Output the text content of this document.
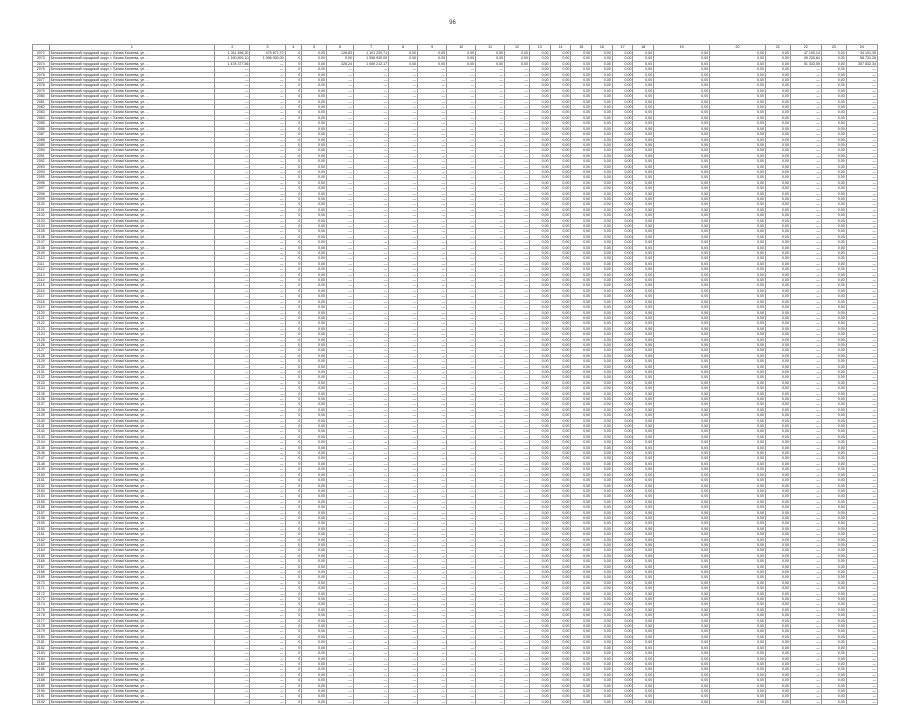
96
	1	2	3	4	5	6	7	8	9	10	11	12	13	14	15	16	17	18	19	20	21	22	23	24
2072	Белокалитвинский городской округ, г. Белая Калитва, ул. ...	1 311 456,20	475 872,70	0	0,00	126,83	1 101 220,71	0,00	0,00	0,00	0,00	0,00	0,00	0,00	0,00	0,00	0,00	0,00	0,00	0,00	0,00	47 100,13	0,00	34 101,35
2073	Белокалитвинский городской округ, г. Белая Калитва, ул. ...	1 160 892,10	1 056 930,00	0	0,00	0,00	1 056 930,00	0,00	0,00	0,00	0,00	0,00	0,00	0,00	0,00	0,00	0,00	0,00	0,00	0,00	0,00	45 230,84	0,00	58 731,26
2074	Белокалитвинский городской округ, г. Белая Калитва, ул. ...	1 478 377,56	—	0	0,00	328,24	1 069 212,17	0,00	0,00	0,00	0,00	0,00	0,00	0,00	0,00	0,00	0,00	0,00	0,00	0,00	0,00	51 333,05	0,00	357 832,34
2075	Белокалитвинский городской округ, г. Белая Калитва, ул. ...	—	—	0	0,00	—	—	—	—	—	—	—	0,00	0,00	0,00	0,00	0,00	0,00	0,00	0,00	0,00	—	0,00	—
2076	Белокалитвинский городской округ, г. Белая Калитва, ул. ...	—	—	0	0,00	—	—	—	—	—	—	—	0,00	0,00	0,00	0,00	0,00	0,00	0,00	0,00	0,00	—	0,00	—
2077	Белокалитвинский городской округ, г. Белая Калитва, ул. ...	—	—	0	0,00	—	—	—	—	—	—	—	0,00	0,00	0,00	0,00	0,00	0,00	0,00	0,00	0,00	—	0,00	—
2078	Белокалитвинский городской округ, г. Белая Калитва, ул. ...	—	—	0	0,00	—	—	—	—	—	—	—	0,00	0,00	0,00	0,00	0,00	0,00	0,00	0,00	0,00	—	0,00	—
2079	Белокалитвинский городской округ, г. Белая Калитва, ул. ...	—	—	0	0,00	—	—	—	—	—	—	—	0,00	0,00	0,00	0,00	0,00	0,00	0,00	0,00	0,00	—	0,00	—
2080	Белокалитвинский городской округ, г. Белая Калитва, ул. ...	—	—	0	0,00	—	—	—	—	—	—	—	0,00	0,00	0,00	0,00	0,00	0,00	0,00	0,00	0,00	—	0,00	—
2081	Белокалитвинский городской округ, г. Белая Калитва, ул. ...	—	—	0	0,00	—	—	—	—	—	—	—	0,00	0,00	0,00	0,00	0,00	0,00	0,00	0,00	0,00	—	0,00	—
2082	Белокалитвинский городской округ, г. Белая Калитва, ул. ...	—	—	0	0,00	—	—	—	—	—	—	—	0,00	0,00	0,00	0,00	0,00	0,00	0,00	0,00	0,00	—	0,00	—
2083	Белокалитвинский городской округ, г. Белая Калитва, ул. ...	—	—	0	0,00	—	—	—	—	—	—	—	0,00	0,00	0,00	0,00	0,00	0,00	0,00	0,00	0,00	—	0,00	—
2084	Белокалитвинский городской округ, г. Белая Калитва, ул. ...	—	—	0	0,00	—	—	—	—	—	—	—	0,00	0,00	0,00	0,00	0,00	0,00	0,00	0,00	0,00	—	0,00	—
2085	Белокалитвинский городской округ, г. Белая Калитва, ул. ...	—	—	0	0,00	—	—	—	—	—	—	—	0,00	0,00	0,00	0,00	0,00	0,00	0,00	0,00	0,00	—	0,00	—
2086	Белокалитвинский городской округ, г. Белая Калитва, ул. ...	—	—	0	0,00	—	—	—	—	—	—	—	0,00	0,00	0,00	0,00	0,00	0,00	0,00	0,00	0,00	—	0,00	—
2087	Белокалитвинский городской округ, г. Белая Калитва, ул. ...	—	—	0	0,00	—	—	—	—	—	—	—	0,00	0,00	0,00	0,00	0,00	0,00	0,00	0,00	0,00	—	0,00	—
2088	Белокалитвинский городской округ, г. Белая Калитва, ул. ...	—	—	0	0,00	—	—	—	—	—	—	—	0,00	0,00	0,00	0,00	0,00	0,00	0,00	0,00	0,00	—	0,00	—
2089	Белокалитвинский городской округ, г. Белая Калитва, ул. ...	—	—	0	0,00	—	—	—	—	—	—	—	0,00	0,00	0,00	0,00	0,00	0,00	0,00	0,00	0,00	—	0,00	—
2090	Белокалитвинский городской округ, г. Белая Калитва, ул. ...	—	—	0	0,00	—	—	—	—	—	—	—	0,00	0,00	0,00	0,00	0,00	0,00	0,00	0,00	0,00	—	0,00	—
2091	Белокалитвинский городской округ, г. Белая Калитва, ул. ...	—	—	0	0,00	—	—	—	—	—	—	—	0,00	0,00	0,00	0,00	0,00	0,00	0,00	0,00	0,00	—	0,00	—
2092	Белокалитвинский городской округ, г. Белая Калитва, ул. ...	—	—	0	0,00	—	—	—	—	—	—	—	0,00	0,00	0,00	0,00	0,00	0,00	0,00	0,00	0,00	—	0,00	—
2093	Белокалитвинский городской округ, г. Белая Калитва, ул. ...	—	—	0	0,00	—	—	—	—	—	—	—	0,00	0,00	0,00	0,00	0,00	0,00	0,00	0,00	0,00	—	0,00	—
2094	Белокалитвинский городской округ, г. Белая Калитва, ул. ...	—	—	0	0,00	—	—	—	—	—	—	—	0,00	0,00	0,00	0,00	0,00	0,00	0,00	0,00	0,00	—	0,00	—
2095	Белокалитвинский городской округ, г. Белая Калитва, ул. ...	—	—	0	0,00	—	—	—	—	—	—	—	0,00	0,00	0,00	0,00	0,00	0,00	0,00	0,00	0,00	—	0,00	—
2096	Белокалитвинский городской округ, г. Белая Калитва, ул. ...	—	—	0	0,00	—	—	—	—	—	—	—	0,00	0,00	0,00	0,00	0,00	0,00	0,00	0,00	0,00	—	0,00	—
2097	Белокалитвинский городской округ, г. Белая Калитва, ул. ...	—	—	0	0,00	—	—	—	—	—	—	—	0,00	0,00	0,00	0,00	0,00	0,00	0,00	0,00	0,00	—	0,00	—
2098	Белокалитвинский городской округ, г. Белая Калитва, ул. ...	—	—	0	0,00	—	—	—	—	—	—	—	0,00	0,00	0,00	0,00	0,00	0,00	0,00	0,00	0,00	—	0,00	—
2099	Белокалитвинский городской округ, г. Белая Калитва, ул. ...	—	—	0	0,00	—	—	—	—	—	—	—	0,00	0,00	0,00	0,00	0,00	0,00	0,00	0,00	0,00	—	0,00	—
2100	Белокалитвинский городской округ, г. Белая Калитва, ул. ...	—	—	0	0,00	—	—	—	—	—	—	—	0,00	0,00	0,00	0,00	0,00	0,00	0,00	0,00	0,00	—	0,00	—
2101	Белокалитвинский городской округ, г. Белая Калитва, ул. ...	—	—	0	0,00	—	—	—	—	—	—	—	0,00	0,00	0,00	0,00	0,00	0,00	0,00	0,00	0,00	—	0,00	—
2102	Белокалитвинский городской округ, г. Белая Калитва, ул. ...	—	—	0	0,00	—	—	—	—	—	—	—	0,00	0,00	0,00	0,00	0,00	0,00	0,00	0,00	0,00	—	0,00	—
2103	Белокалитвинский городской округ, г. Белая Калитва, ул. ...	—	—	0	0,00	—	—	—	—	—	—	—	0,00	0,00	0,00	0,00	0,00	0,00	0,00	0,00	0,00	—	0,00	—
2104	Белокалитвинский городской округ, г. Белая Калитва, ул. ...	—	—	0	0,00	—	—	—	—	—	—	—	0,00	0,00	0,00	0,00	0,00	0,00	0,00	0,00	0,00	—	0,00	—
2105	Белокалитвинский городской округ, г. Белая Калитва, ул. ...	—	—	0	0,00	—	—	—	—	—	—	—	0,00	0,00	0,00	0,00	0,00	0,00	0,00	0,00	0,00	—	0,00	—
2106	Белокалитвинский городской округ, г. Белая Калитва, ул. ...	—	—	0	0,00	—	—	—	—	—	—	—	0,00	0,00	0,00	0,00	0,00	0,00	0,00	0,00	0,00	—	0,00	—
2107	Белокалитвинский городской округ, г. Белая Калитва, ул. ...	—	—	0	0,00	—	—	—	—	—	—	—	0,00	0,00	0,00	0,00	0,00	0,00	0,00	0,00	0,00	—	0,00	—
2108	Белокалитвинский городской округ, г. Белая Калитва, ул. ...	—	—	0	0,00	—	—	—	—	—	—	—	0,00	0,00	0,00	0,00	0,00	0,00	0,00	0,00	0,00	—	0,00	—
2109	Белокалитвинский городской округ, г. Белая Калитва, ул. ...	—	—	0	0,00	—	—	—	—	—	—	—	0,00	0,00	0,00	0,00	0,00	0,00	0,00	0,00	0,00	—	0,00	—
2110	Белокалитвинский городской округ, г. Белая Калитва, ул. ...	—	—	0	0,00	—	—	—	—	—	—	—	0,00	0,00	0,00	0,00	0,00	0,00	0,00	0,00	0,00	—	0,00	—
2111	Белокалитвинский городской округ, г. Белая Калитва, ул. ...	—	—	0	0,00	—	—	—	—	—	—	—	0,00	0,00	0,00	0,00	0,00	0,00	0,00	0,00	0,00	—	0,00	—
2112	Белокалитвинский городской округ, г. Белая Калитва, ул. ...	—	—	0	0,00	—	—	—	—	—	—	—	0,00	0,00	0,00	0,00	0,00	0,00	0,00	0,00	0,00	—	0,00	—
2113	Белокалитвинский городской округ, г. Белая Калитва, ул. ...	—	—	0	0,00	—	—	—	—	—	—	—	0,00	0,00	0,00	0,00	0,00	0,00	0,00	0,00	0,00	—	0,00	—
2114	Белокалитвинский городской округ, г. Белая Калитва, ул. ...	—	—	0	0,00	—	—	—	—	—	—	—	0,00	0,00	0,00	0,00	0,00	0,00	0,00	0,00	0,00	—	0,00	—
2115	Белокалитвинский городской округ, г. Белая Калитва, ул. ...	—	—	0	0,00	—	—	—	—	—	—	—	0,00	0,00	0,00	0,00	0,00	0,00	0,00	0,00	0,00	—	0,00	—
2116	Белокалитвинский городской округ, г. Белая Калитва, ул. ...	—	—	0	0,00	—	—	—	—	—	—	—	0,00	0,00	0,00	0,00	0,00	0,00	0,00	0,00	0,00	—	0,00	—
2117	Белокалитвинский городской округ, г. Белая Калитва, ул. ...	—	—	0	0,00	—	—	—	—	—	—	—	0,00	0,00	0,00	0,00	0,00	0,00	0,00	0,00	0,00	—	0,00	—
2118	Белокалитвинский городской округ, г. Белая Калитва, ул. ...	—	—	0	0,00	—	—	—	—	—	—	—	0,00	0,00	0,00	0,00	0,00	0,00	0,00	0,00	0,00	—	0,00	—
2119	Белокалитвинский городской округ, г. Белая Калитва, ул. ...	—	—	0	0,00	—	—	—	—	—	—	—	0,00	0,00	0,00	0,00	0,00	0,00	0,00	0,00	0,00	—	0,00	—
2120	Белокалитвинский городской округ, г. Белая Калитва, ул. ...	—	—	0	0,00	—	—	—	—	—	—	—	0,00	0,00	0,00	0,00	0,00	0,00	0,00	0,00	0,00	—	0,00	—
2121	Белокалитвинский городской округ, г. Белая Калитва, ул. ...	—	—	0	0,00	—	—	—	—	—	—	—	0,00	0,00	0,00	0,00	0,00	0,00	0,00	0,00	0,00	—	0,00	—
2122	Белокалитвинский городской округ, г. Белая Калитва, ул. ...	—	—	0	0,00	—	—	—	—	—	—	—	0,00	0,00	0,00	0,00	0,00	0,00	0,00	0,00	0,00	—	0,00	—
2123	Белокалитвинский городской округ, г. Белая Калитва, ул. ...	—	—	0	0,00	—	—	—	—	—	—	—	0,00	0,00	0,00	0,00	0,00	0,00	0,00	0,00	0,00	—	0,00	—
2124	Белокалитвинский городской округ, г. Белая Калитва, ул. ...	—	—	0	0,00	—	—	—	—	—	—	—	0,00	0,00	0,00	0,00	0,00	0,00	0,00	0,00	0,00	—	0,00	—
2125	Белокалитвинский городской округ, г. Белая Калитва, ул. ...	—	—	0	0,00	—	—	—	—	—	—	—	0,00	0,00	0,00	0,00	0,00	0,00	0,00	0,00	0,00	—	0,00	—
2126	Белокалитвинский городской округ, г. Белая Калитва, ул. ...	—	—	0	0,00	—	—	—	—	—	—	—	0,00	0,00	0,00	0,00	0,00	0,00	0,00	0,00	0,00	—	0,00	—
2127	Белокалитвинский городской округ, г. Белая Калитва, ул. ...	—	—	0	0,00	—	—	—	—	—	—	—	0,00	0,00	0,00	0,00	0,00	0,00	0,00	0,00	0,00	—	0,00	—
2128	Белокалитвинский городской округ, г. Белая Калитва, ул. ...	—	—	0	0,00	—	—	—	—	—	—	—	0,00	0,00	0,00	0,00	0,00	0,00	0,00	0,00	0,00	—	0,00	—
2129	Белокалитвинский городской округ, г. Белая Калитва, ул. ...	—	—	0	0,00	—	—	—	—	—	—	—	0,00	0,00	0,00	0,00	0,00	0,00	0,00	0,00	0,00	—	0,00	—
2130	Белокалитвинский городской округ, г. Белая Калитва, ул. ...	—	—	0	0,00	—	—	—	—	—	—	—	0,00	0,00	0,00	0,00	0,00	0,00	0,00	0,00	0,00	—	0,00	—
2131	Белокалитвинский городской округ, г. Белая Калитва, ул. ...	—	—	0	0,00	—	—	—	—	—	—	—	0,00	0,00	0,00	0,00	0,00	0,00	0,00	0,00	0,00	—	0,00	—
2132	Белокалитвинский городской округ, г. Белая Калитва, ул. ...	—	—	0	0,00	—	—	—	—	—	—	—	0,00	0,00	0,00	0,00	0,00	0,00	0,00	0,00	0,00	—	0,00	—
2133	Белокалитвинский городской округ, г. Белая Калитва, ул. ...	—	—	0	0,00	—	—	—	—	—	—	—	0,00	0,00	0,00	0,00	0,00	0,00	0,00	0,00	0,00	—	0,00	—
2134	Белокалитвинский городской округ, г. Белая Калитва, ул. ...	—	—	0	0,00	—	—	—	—	—	—	—	0,00	0,00	0,00	0,00	0,00	0,00	0,00	0,00	0,00	—	0,00	—
2135	Белокалитвинский городской округ, г. Белая Калитва, ул. ...	—	—	0	0,00	—	—	—	—	—	—	—	0,00	0,00	0,00	0,00	0,00	0,00	0,00	0,00	0,00	—	0,00	—
2136	Белокалитвинский городской округ, г. Белая Калитва, ул. ...	—	—	0	0,00	—	—	—	—	—	—	—	0,00	0,00	0,00	0,00	0,00	0,00	0,00	0,00	0,00	—	0,00	—
2137	Белокалитвинский городской округ, г. Белая Калитва, ул. ...	—	—	0	0,00	—	—	—	—	—	—	—	0,00	0,00	0,00	0,00	0,00	0,00	0,00	0,00	0,00	—	0,00	—
2138	Белокалитвинский городской округ, г. Белая Калитва, ул. ...	—	—	0	0,00	—	—	—	—	—	—	—	0,00	0,00	0,00	0,00	0,00	0,00	0,00	0,00	0,00	—	0,00	—
2139	Белокалитвинский городской округ, г. Белая Калитва, ул. ...	—	—	0	0,00	—	—	—	—	—	—	—	0,00	0,00	0,00	0,00	0,00	0,00	0,00	0,00	0,00	—	0,00	—
2140	Белокалитвинский городской округ, г. Белая Калитва, ул. ...	—	—	0	0,00	—	—	—	—	—	—	—	0,00	0,00	0,00	0,00	0,00	0,00	0,00	0,00	0,00	—	0,00	—
2141	Белокалитвинский городской округ, г. Белая Калитва, ул. ...	—	—	0	0,00	—	—	—	—	—	—	—	0,00	0,00	0,00	0,00	0,00	0,00	0,00	0,00	0,00	—	0,00	—
2142	Белокалитвинский городской округ, г. Белая Калитва, ул. ...	—	—	0	0,00	—	—	—	—	—	—	—	0,00	0,00	0,00	0,00	0,00	0,00	0,00	0,00	0,00	—	0,00	—
2143	Белокалитвинский городской округ, г. Белая Калитва, ул. ...	—	—	0	0,00	—	—	—	—	—	—	—	0,00	0,00	0,00	0,00	0,00	0,00	0,00	0,00	0,00	—	0,00	—
2144	Белокалитвинский городской округ, г. Белая Калитва, ул. ...	—	—	0	0,00	—	—	—	—	—	—	—	0,00	0,00	0,00	0,00	0,00	0,00	0,00	0,00	0,00	—	0,00	—
2145	Белокалитвинский городской округ, г. Белая Калитва, ул. ...	—	—	0	0,00	—	—	—	—	—	—	—	0,00	0,00	0,00	0,00	0,00	0,00	0,00	0,00	0,00	—	0,00	—
2146	Белокалитвинский городской округ, г. Белая Калитва, ул. ...	—	—	0	0,00	—	—	—	—	—	—	—	0,00	0,00	0,00	0,00	0,00	0,00	0,00	0,00	0,00	—	0,00	—
2147	Белокалитвинский городской округ, г. Белая Калитва, ул. ...	—	—	0	0,00	—	—	—	—	—	—	—	0,00	0,00	0,00	0,00	0,00	0,00	0,00	0,00	0,00	—	0,00	—
2148	Белокалитвинский городской округ, г. Белая Калитва, ул. ...	—	—	0	0,00	—	—	—	—	—	—	—	0,00	0,00	0,00	0,00	0,00	0,00	0,00	0,00	0,00	—	0,00	—
2149	Белокалитвинский городской округ, г. Белая Калитва, ул. ...	—	—	0	0,00	—	—	—	—	—	—	—	0,00	0,00	0,00	0,00	0,00	0,00	0,00	0,00	0,00	—	0,00	—
2150	Белокалитвинский городской округ, г. Белая Калитва, ул. ...	—	—	0	0,00	—	—	—	—	—	—	—	0,00	0,00	0,00	0,00	0,00	0,00	0,00	0,00	0,00	—	0,00	—
2151	Белокалитвинский городской округ, г. Белая Калитва, ул. ...	—	—	0	0,00	—	—	—	—	—	—	—	0,00	0,00	0,00	0,00	0,00	0,00	0,00	0,00	0,00	—	0,00	—
2152	Белокалитвинский городской округ, г. Белая Калитва, ул. ...	—	—	0	0,00	—	—	—	—	—	—	—	0,00	0,00	0,00	0,00	0,00	0,00	0,00	0,00	0,00	—	0,00	—
2153	Белокалитвинский городской округ, г. Белая Калитва, ул. ...	—	—	0	0,00	—	—	—	—	—	—	—	0,00	0,00	0,00	0,00	0,00	0,00	0,00	0,00	0,00	—	0,00	—
2154	Белокалитвинский городской округ, г. Белая Калитва, ул. ...	—	—	0	0,00	—	—	—	—	—	—	—	0,00	0,00	0,00	0,00	0,00	0,00	0,00	0,00	0,00	—	0,00	—
2155	Белокалитвинский городской округ, г. Белая Калитва, ул. ...	—	—	0	0,00	—	—	—	—	—	—	—	0,00	0,00	0,00	0,00	0,00	0,00	0,00	0,00	0,00	—	0,00	—
2156	Белокалитвинский городской округ, г. Белая Калитва, ул. ...	—	—	0	0,00	—	—	—	—	—	—	—	0,00	0,00	0,00	0,00	0,00	0,00	0,00	0,00	0,00	—	0,00	—
2157	Белокалитвинский городской округ, г. Белая Калитва, ул. ...	—	—	0	0,00	—	—	—	—	—	—	—	0,00	0,00	0,00	0,00	0,00	0,00	0,00	0,00	0,00	—	0,00	—
2158	Белокалитвинский городской округ, г. Белая Калитва, ул. ...	—	—	0	0,00	—	—	—	—	—	—	—	0,00	0,00	0,00	0,00	0,00	0,00	0,00	0,00	0,00	—	0,00	—
2159	Белокалитвинский городской округ, г. Белая Калитва, ул. ...	—	—	0	0,00	—	—	—	—	—	—	—	0,00	0,00	0,00	0,00	0,00	0,00	0,00	0,00	0,00	—	0,00	—
2160	Белокалитвинский городской округ, г. Белая Калитва, ул. ...	—	—	0	0,00	—	—	—	—	—	—	—	0,00	0,00	0,00	0,00	0,00	0,00	0,00	0,00	0,00	—	0,00	—
2161	Белокалитвинский городской округ, г. Белая Калитва, ул. ...	—	—	0	0,00	—	—	—	—	—	—	—	0,00	0,00	0,00	0,00	0,00	0,00	0,00	0,00	0,00	—	0,00	—
2162	Белокалитвинский городской округ, г. Белая Калитва, ул. ...	—	—	0	0,00	—	—	—	—	—	—	—	0,00	0,00	0,00	0,00	0,00	0,00	0,00	0,00	0,00	—	0,00	—
2163	Белокалитвинский городской округ, г. Белая Калитва, ул. ...	—	—	0	0,00	—	—	—	—	—	—	—	0,00	0,00	0,00	0,00	0,00	0,00	0,00	0,00	0,00	—	0,00	—
2164	Белокалитвинский городской округ, г. Белая Калитва, ул. ...	—	—	0	0,00	—	—	—	—	—	—	—	0,00	0,00	0,00	0,00	0,00	0,00	0,00	0,00	0,00	—	0,00	—
2165	Белокалитвинский городской округ, г. Белая Калитва, ул. ...	—	—	0	0,00	—	—	—	—	—	—	—	0,00	0,00	0,00	0,00	0,00	0,00	0,00	0,00	0,00	—	0,00	—
2166	Белокалитвинский городской округ, г. Белая Калитва, ул. ...	—	—	0	0,00	—	—	—	—	—	—	—	0,00	0,00	0,00	0,00	0,00	0,00	0,00	0,00	0,00	—	0,00	—
2167	Белокалитвинский городской округ, г. Белая Калитва, ул. ...	—	—	0	0,00	—	—	—	—	—	—	—	0,00	0,00	0,00	0,00	0,00	0,00	0,00	0,00	0,00	—	0,00	—
2168	Белокалитвинский городской округ, г. Белая Калитва, ул. ...	—	—	0	0,00	—	—	—	—	—	—	—	0,00	0,00	0,00	0,00	0,00	0,00	0,00	0,00	0,00	—	0,00	—
2169	Белокалитвинский городской округ, г. Белая Калитва, ул. ...	—	—	0	0,00	—	—	—	—	—	—	—	0,00	0,00	0,00	0,00	0,00	0,00	0,00	0,00	0,00	—	0,00	—
2170	Белокалитвинский городской округ, г. Белая Калитва, ул. ...	—	—	0	0,00	—	—	—	—	—	—	—	0,00	0,00	0,00	0,00	0,00	0,00	0,00	0,00	0,00	—	0,00	—
2171	Белокалитвинский городской округ, г. Белая Калитва, ул. ...	—	—	0	0,00	—	—	—	—	—	—	—	0,00	0,00	0,00	0,00	0,00	0,00	0,00	0,00	0,00	—	0,00	—
2172	Белокалитвинский городской округ, г. Белая Калитва, ул. ...	—	—	0	0,00	—	—	—	—	—	—	—	0,00	0,00	0,00	0,00	0,00	0,00	0,00	0,00	0,00	—	0,00	—
2173	Белокалитвинский городской округ, г. Белая Калитва, ул. ...	—	—	0	0,00	—	—	—	—	—	—	—	0,00	0,00	0,00	0,00	0,00	0,00	0,00	0,00	0,00	—	0,00	—
2174	Белокалитвинский городской округ, г. Белая Калитва, ул. ...	—	—	0	0,00	—	—	—	—	—	—	—	0,00	0,00	0,00	0,00	0,00	0,00	0,00	0,00	0,00	—	0,00	—
2175	Белокалитвинский городской округ, г. Белая Калитва, ул. ...	—	—	0	0,00	—	—	—	—	—	—	—	0,00	0,00	0,00	0,00	0,00	0,00	0,00	0,00	0,00	—	0,00	—
2176	Белокалитвинский городской округ, г. Белая Калитва, ул. ...	—	—	0	0,00	—	—	—	—	—	—	—	0,00	0,00	0,00	0,00	0,00	0,00	0,00	0,00	0,00	—	0,00	—
2177	Белокалитвинский городской округ, г. Белая Калитва, ул. ...	—	—	0	0,00	—	—	—	—	—	—	—	0,00	0,00	0,00	0,00	0,00	0,00	0,00	0,00	0,00	—	0,00	—
2178	Белокалитвинский городской округ, г. Белая Калитва, ул. ...	—	—	0	0,00	—	—	—	—	—	—	—	0,00	0,00	0,00	0,00	0,00	0,00	0,00	0,00	0,00	—	0,00	—
2179	Белокалитвинский городской округ, г. Белая Калитва, ул. ...	—	—	0	0,00	—	—	—	—	—	—	—	0,00	0,00	0,00	0,00	0,00	0,00	0,00	0,00	0,00	—	0,00	—
2180	Белокалитвинский городской округ, г. Белая Калитва, ул. ...	—	—	0	0,00	—	—	—	—	—	—	—	0,00	0,00	0,00	0,00	0,00	0,00	0,00	0,00	0,00	—	0,00	—
2181	Белокалитвинский городской округ, г. Белая Калитва, ул. ...	—	—	0	0,00	—	—	—	—	—	—	—	0,00	0,00	0,00	0,00	0,00	0,00	0,00	0,00	0,00	—	0,00	—
2182	Белокалитвинский городской округ, г. Белая Калитва, ул. ...	—	—	0	0,00	—	—	—	—	—	—	—	0,00	0,00	0,00	0,00	0,00	0,00	0,00	0,00	0,00	—	0,00	—
2183	Белокалитвинский городской округ, г. Белая Калитва, ул. ...	—	—	0	0,00	—	—	—	—	—	—	—	0,00	0,00	0,00	0,00	0,00	0,00	0,00	0,00	0,00	—	0,00	—
2184	Белокалитвинский городской округ, г. Белая Калитва, ул. ...	—	—	0	0,00	—	—	—	—	—	—	—	0,00	0,00	0,00	0,00	0,00	0,00	0,00	0,00	0,00	—	0,00	—
2185	Белокалитвинский городской округ, г. Белая Калитва, ул. ...	—	—	0	0,00	—	—	—	—	—	—	—	0,00	0,00	0,00	0,00	0,00	0,00	0,00	0,00	0,00	—	0,00	—
2186	Белокалитвинский городской округ, г. Белая Калитва, ул. ...	—	—	0	0,00	—	—	—	—	—	—	—	0,00	0,00	0,00	0,00	0,00	0,00	0,00	0,00	0,00	—	0,00	—
2187	Белокалитвинский городской округ, г. Белая Калитва, ул. ...	—	—	0	0,00	—	—	—	—	—	—	—	0,00	0,00	0,00	0,00	0,00	0,00	0,00	0,00	0,00	—	0,00	—
2188	Белокалитвинский городской округ, г. Белая Калитва, ул. ...	—	—	0	0,00	—	—	—	—	—	—	—	0,00	0,00	0,00	0,00	0,00	0,00	0,00	0,00	0,00	—	0,00	—
2189	Белокалитвинский городской округ, г. Белая Калитва, ул. ...	—	—	0	0,00	—	—	—	—	—	—	—	0,00	0,00	0,00	0,00	0,00	0,00	0,00	0,00	0,00	—	0,00	—
2190	Белокалитвинский городской округ, г. Белая Калитва, ул. ...	—	—	0	0,00	—	—	—	—	—	—	—	0,00	0,00	0,00	0,00	0,00	0,00	0,00	0,00	0,00	—	0,00	—
2191	Белокалитвинский городской округ, г. Белая Калитва, ул. ...	—	—	0	0,00	—	—	—	—	—	—	—	0,00	0,00	0,00	0,00	0,00	0,00	0,00	0,00	0,00	—	0,00	—
2192	Белокалитвинский городской округ, г. Белая Калитва, ул. ...	—	—	0	0,00	—	—	—	—	—	—	—	0,00	0,00	0,00	0,00	0,00	0,00	0,00	0,00	0,00	—	0,00	—
